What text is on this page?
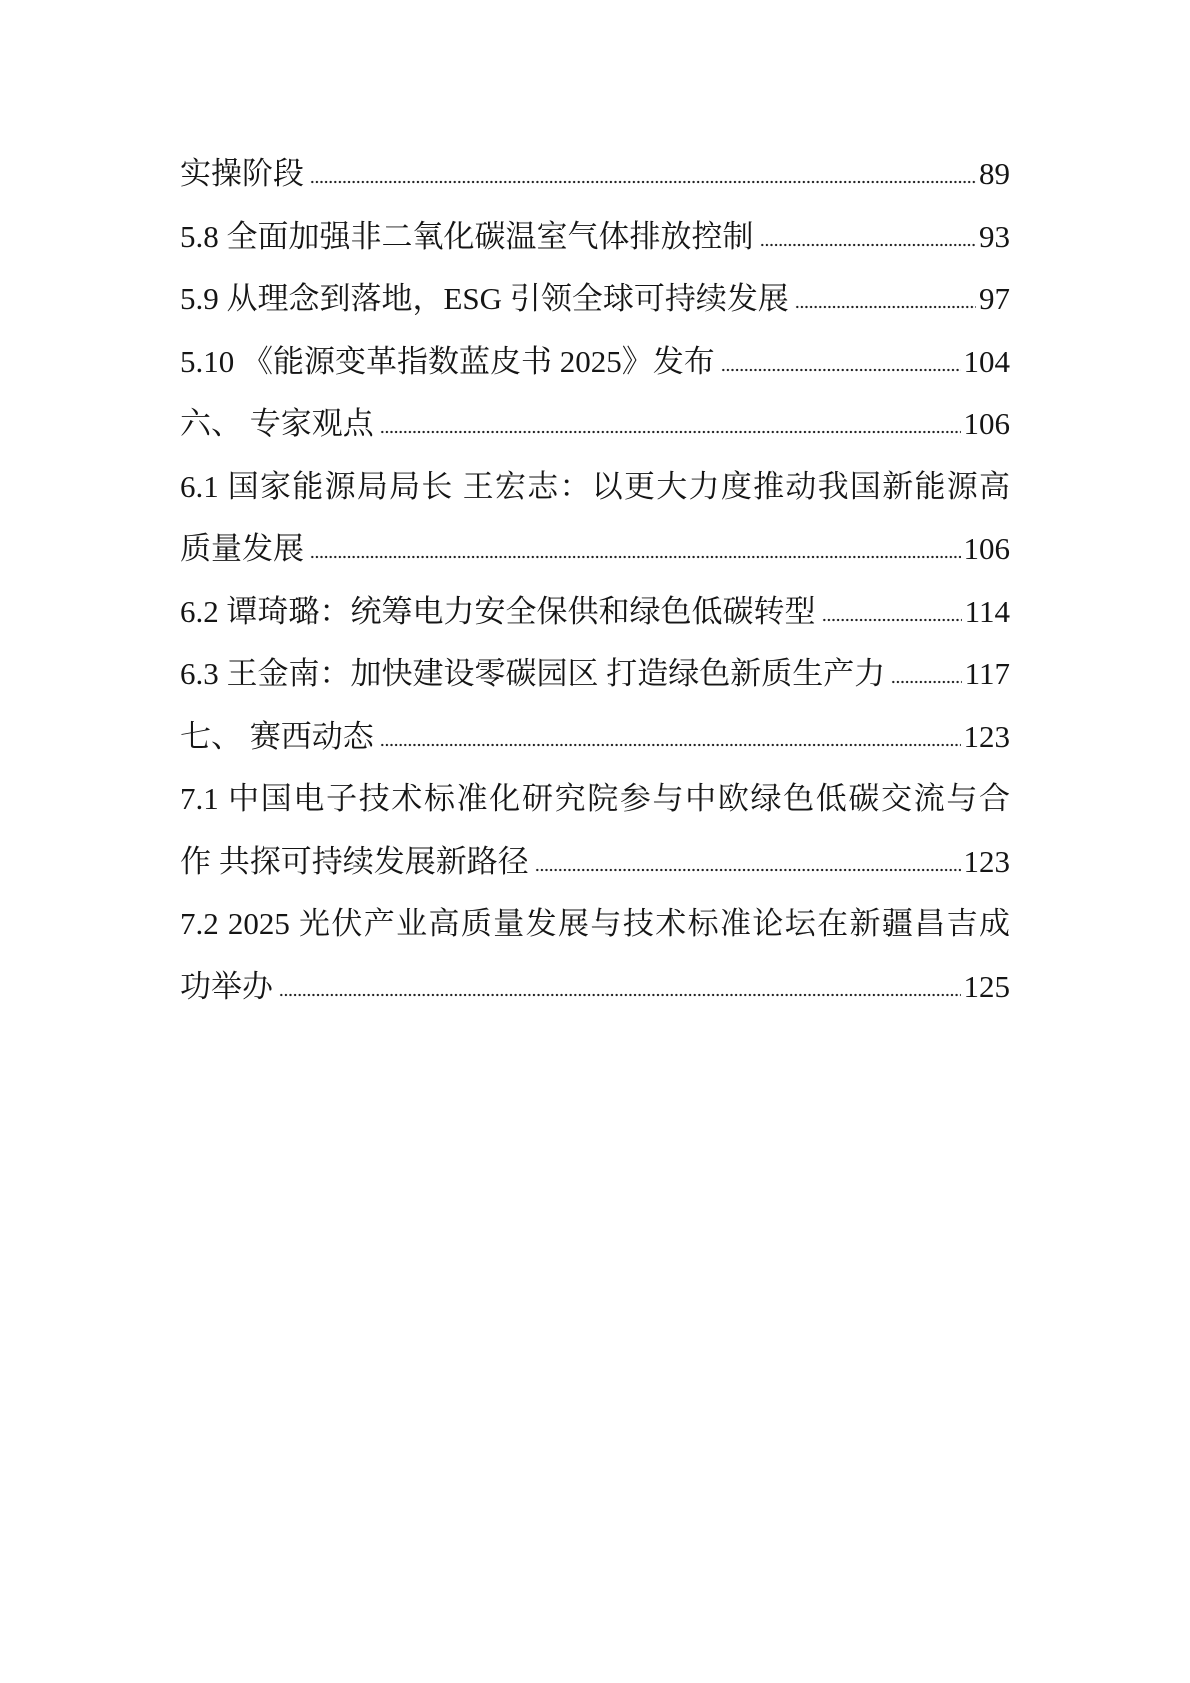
实操阶段	89
5.8 全面加强非二氧化碳温室气体排放控制	93
5.9 从理念到落地，ESG 引领全球可持续发展	97
5.10 《能源变革指数蓝皮书 2025》发布	104
六、 专家观点	106
6.1 国家能源局局长 王宏志：以更大力度推动我国新能源高
质量发展	106
6.2 谭琦璐：统筹电力安全保供和绿色低碳转型	114
6.3 王金南：加快建设零碳园区 打造绿色新质生产力	117
七、 赛西动态	123
7.1 中国电子技术标准化研究院参与中欧绿色低碳交流与合
作 共探可持续发展新路径	123
7.2 2025 光伏产业高质量发展与技术标准论坛在新疆昌吉成
功举办	125
